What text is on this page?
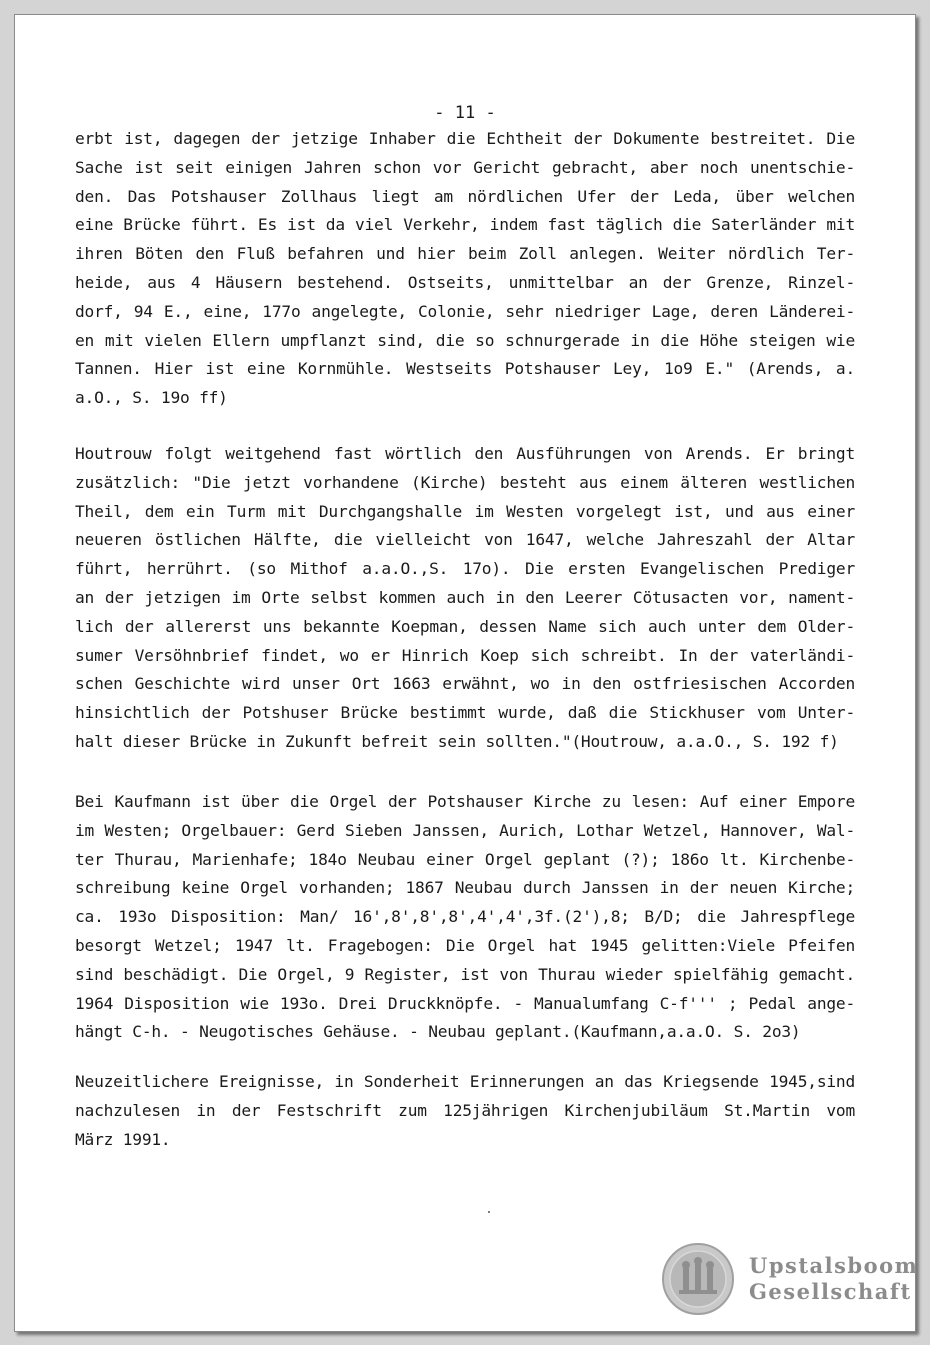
- 11 -
erbt ist, dagegen der jetzige Inhaber die Echtheit der Dokumente bestreitet. Die
Sache ist seit einigen Jahren schon vor Gericht gebracht, aber noch unentschie-
den. Das Potshauser Zollhaus liegt am nördlichen Ufer der Leda, über welchen
eine Brücke führt. Es ist da viel Verkehr, indem fast täglich die Saterländer mit
ihren Böten den Fluß befahren und hier beim Zoll anlegen. Weiter nördlich Ter-
heide, aus 4 Häusern bestehend. Ostseits, unmittelbar an der Grenze, Rinzel-
dorf, 94 E., eine, 177o angelegte, Colonie, sehr niedriger Lage, deren Länderei-
en mit vielen Ellern umpflanzt sind, die so schnurgerade in die Höhe steigen wie
Tannen. Hier ist eine Kornmühle. Westseits Potshauser Ley, 1o9 E." (Arends, a.
a.O., S. 19o ff)
Houtrouw folgt weitgehend fast wörtlich den Ausführungen von Arends. Er bringt
zusätzlich: "Die jetzt vorhandene (Kirche) besteht aus einem älteren westlichen
Theil, dem ein Turm mit Durchgangshalle im Westen vorgelegt ist, und aus einer
neueren östlichen Hälfte, die vielleicht von 1647, welche Jahreszahl der Altar
führt, herrührt. (so Mithof a.a.O.,S. 17o). Die ersten Evangelischen Prediger
an der jetzigen im Orte selbst kommen auch in den Leerer Cötusacten vor, nament-
lich der allererst uns bekannte Koepman, dessen Name sich auch unter dem Older-
sumer Versöhnbrief findet, wo er Hinrich Koep sich schreibt. In der vaterländi-
schen Geschichte wird unser Ort 1663 erwähnt, wo in den ostfriesischen Accorden
hinsichtlich der Potshuser Brücke bestimmt wurde, daß die Stickhuser vom Unter-
halt dieser Brücke in Zukunft befreit sein sollten."(Houtrouw, a.a.O., S. 192 f)
Bei Kaufmann ist über die Orgel der Potshauser Kirche zu lesen: Auf einer Empore
im Westen; Orgelbauer: Gerd Sieben Janssen, Aurich, Lothar Wetzel, Hannover, Wal-
ter Thurau, Marienhafe; 184o Neubau einer Orgel geplant (?); 186o lt. Kirchenbe-
schreibung keine Orgel vorhanden; 1867 Neubau durch Janssen in der neuen Kirche;
ca. 193o Disposition: Man/ 16',8',8',8',4',4',3f.(2'),8; B/D; die Jahrespflege
besorgt Wetzel; 1947 lt. Fragebogen: Die Orgel hat 1945 gelitten:Viele Pfeifen
sind beschädigt. Die Orgel, 9 Register, ist von Thurau wieder spielfähig gemacht.
1964 Disposition wie 193o. Drei Druckknöpfe. - Manualumfang C-f''' ; Pedal ange-
hängt C-h. - Neugotisches Gehäuse. - Neubau geplant.(Kaufmann,a.a.O. S. 2o3)
Neuzeitlichere Ereignisse, in Sonderheit Erinnerungen an das Kriegsende 1945,sind
nachzulesen in der Festschrift zum 125jährigen Kirchenjubiläum St.Martin vom
März 1991.
Upstalsboom
Gesellschaft
